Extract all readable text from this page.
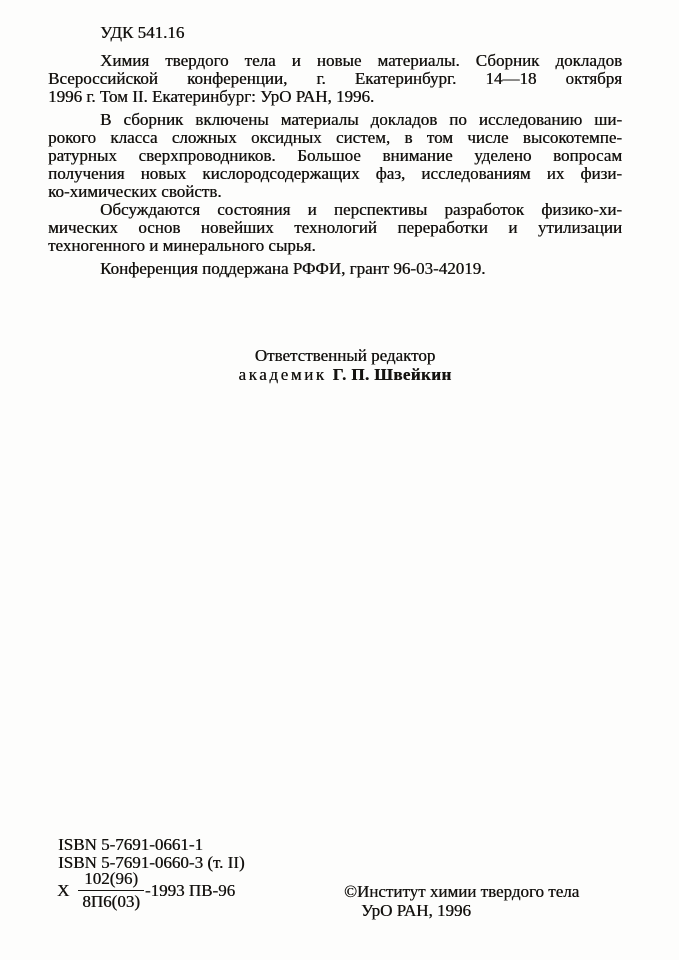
УДК 541.16
Химия твердого тела и новые материалы. Сборник докладов
Всероссийской конференции, г. Екатеринбург. 14—18 октября
1996 г. Том II. Екатеринбург: УрО РАН, 1996.
В сборник включены материалы докладов по исследованию ши-
рокого класса сложных оксидных систем, в том числе высокотемпе-
ратурных сверхпроводников. Большое внимание уделено вопросам
получения новых кислородсодержащих фаз, исследованиям их физи-
ко-химических свойств.
Обсуждаются состояния и перспективы разработок физико-хи-
мических основ новейших технологий переработки и утилизации
техногенного и минерального сырья.
Конференция поддержана РФФИ, грант 96-03-42019.
Ответственный редактор
академик Г. П. Швейкин
ISBN 5-7691-0661-1
ISBN 5-7691-0660-3 (т. II)
Х $\frac{102(96)}{8П6(03)} -1993$ ПВ-96	©Институт химии твердого тела
УрО РАН, 1996
